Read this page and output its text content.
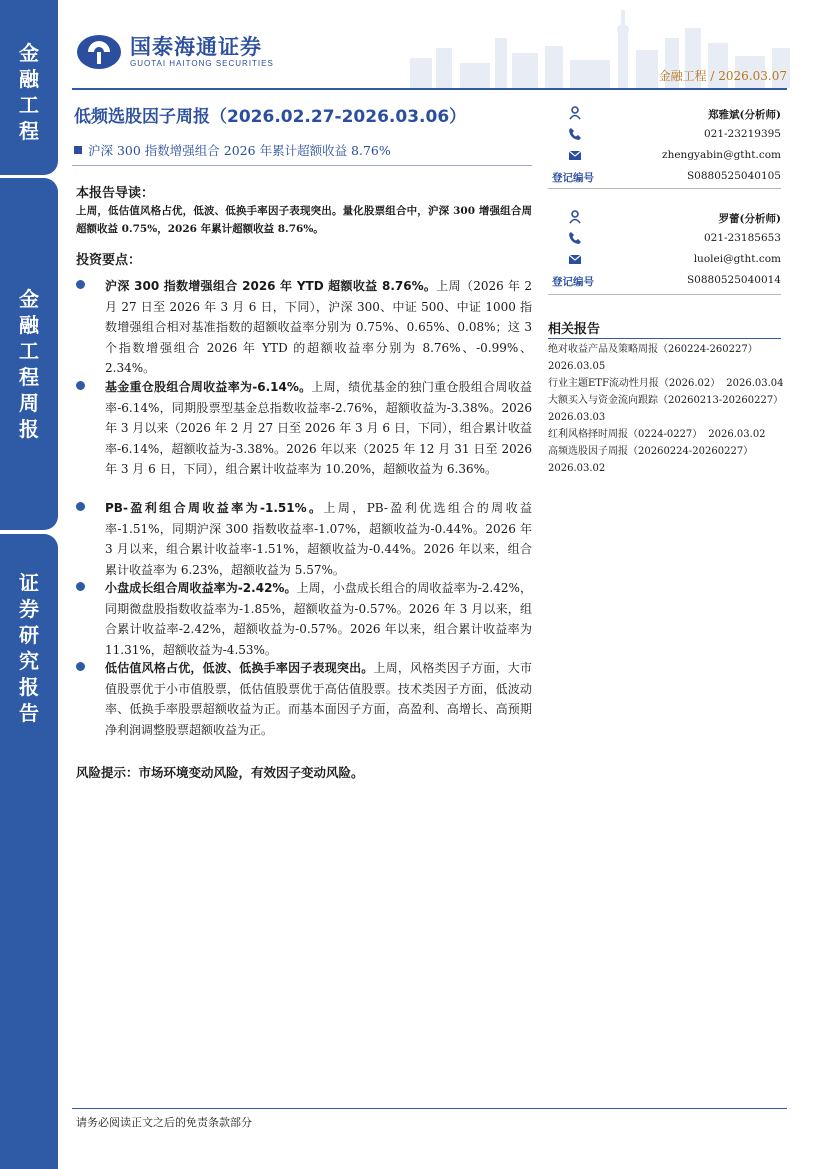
金
融
工
程
金
融
工
程
周
报
证
券
研
究
报
告
国泰海通证券
GUOTAI HAITONG SECURITIES
金融工程 / 2026.03.07
低频选股因子周报（2026.02.27-2026.03.06）
沪深 300 指数增强组合 2026 年累计超额收益 8.76%
郑雅斌(分析师)
021-23219395
zhengyabin@gtht.com
登记编号	S0880525040105
罗蕾(分析师)
021-23185653
luolei@gtht.com
登记编号	S0880525040014
相关报告
绝对收益产品及策略周报（260224-260227）
2026.03.05
行业主题ETF流动性月报（2026.02） 2026.03.04
大额买入与资金流向跟踪（20260213-20260227）
2026.03.03
红利风格择时周报（0224-0227） 2026.03.02
高频选股因子周报（20260224-20260227）
2026.03.02
本报告导读：
上周，低估值风格占优，低波、低换手率因子表现突出。量化股票组合中，沪深 300 增强组合周超额收益 0.75%，2026 年累计超额收益 8.76%。
投资要点：
沪深 300 指数增强组合 2026 年 YTD 超额收益 8.76%。上周（2026 年 2 月 27 日至 2026 年 3 月 6 日，下同），沪深 300、中证 500、中证 1000 指数增强组合相对基准指数的超额收益率分别为 0.75%、0.65%、0.08%；这 3 个指数增强组合 2026 年 YTD 的超额收益率分别为 8.76%、-0.99%、2.34%。
基金重仓股组合周收益率为-6.14%。上周，绩优基金的独门重仓股组合周收益率-6.14%，同期股票型基金总指数收益率-2.76%，超额收益为-3.38%。2026 年 3 月以来（2026 年 2 月 27 日至 2026 年 3 月 6 日，下同），组合累计收益率-6.14%，超额收益为-3.38%。2026 年以来（2025 年 12 月 31 日至 2026 年 3 月 6 日，下同），组合累计收益率为 10.20%，超额收益为 6.36%。
PB-盈利组合周收益率为-1.51%。上周，PB-盈利优选组合的周收益率-1.51%，同期沪深 300 指数收益率-1.07%，超额收益为-0.44%。2026 年 3 月以来，组合累计收益率-1.51%，超额收益为-0.44%。2026 年以来，组合累计收益率为 6.23%，超额收益为 5.57%。
小盘成长组合周收益率为-2.42%。上周，小盘成长组合的周收益率为-2.42%，同期微盘股指数收益率为-1.85%，超额收益为-0.57%。2026 年 3 月以来，组合累计收益率-2.42%，超额收益为-0.57%。2026 年以来，组合累计收益率为 11.31%，超额收益为-4.53%。
低估值风格占优，低波、低换手率因子表现突出。上周，风格类因子方面，大市值股票优于小市值股票，低估值股票优于高估值股票。技术类因子方面，低波动率、低换手率股票超额收益为正。而基本面因子方面，高盈利、高增长、高预期净利润调整股票超额收益为正。
风险提示：市场环境变动风险，有效因子变动风险。
请务必阅读正文之后的免责条款部分
